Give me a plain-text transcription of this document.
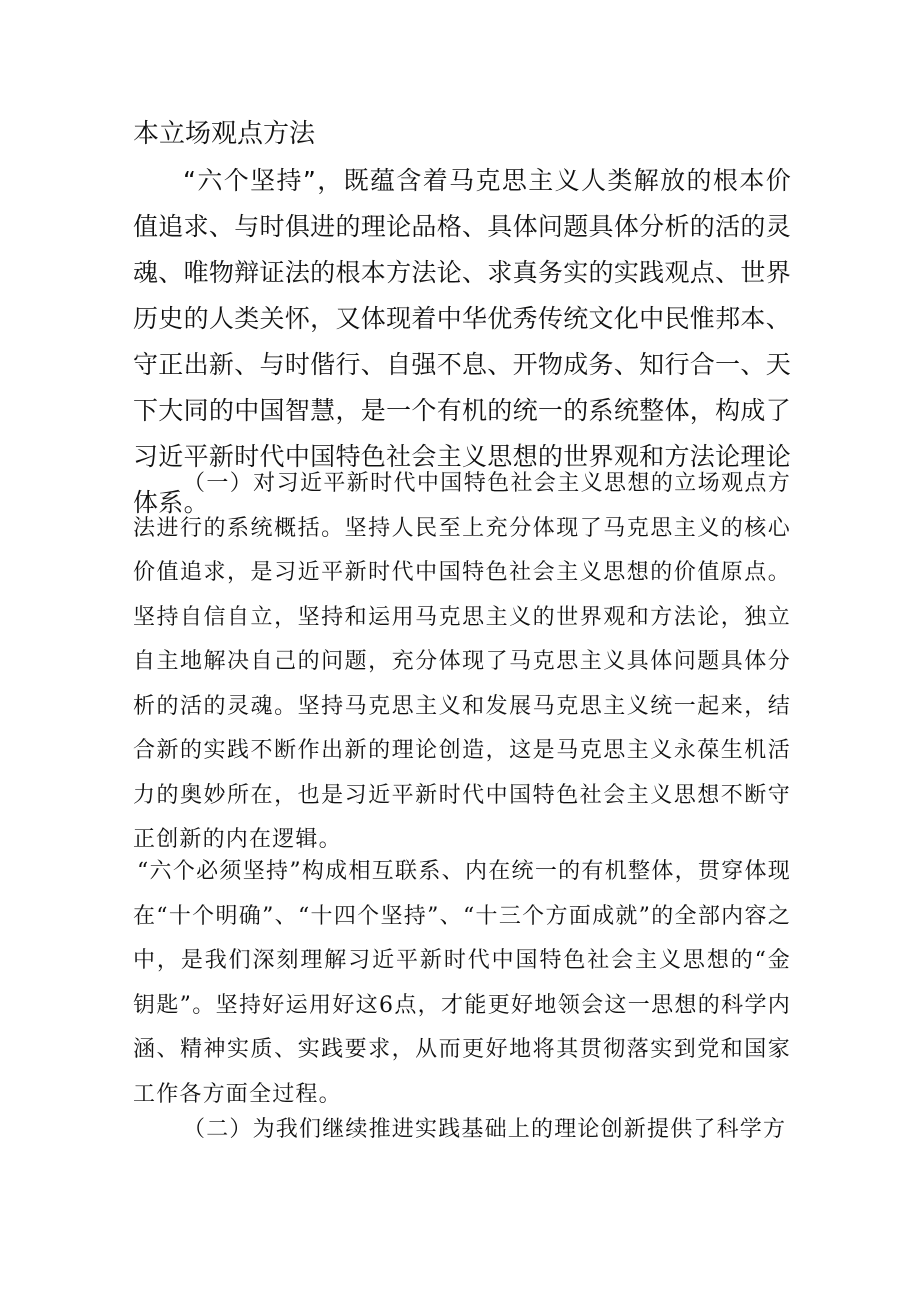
本立场观点方法

“六个坚持”，既蕴含着马克思主义人类解放的根本价值追求、与时俱进的理论品格、具体问题具体分析的活的灵魂、唯物辩证法的根本方法论、求真务实的实践观点、世界历史的人类关怀，又体现着中华优秀传统文化中民惟邦本、守正出新、与时偕行、自强不息、开物成务、知行合一、天下大同的中国智慧，是一个有机的统一的系统整体，构成了习近平新时代中国特色社会主义思想的世界观和方法论理论体系。

（一）对习近平新时代中国特色社会主义思想的立场观点方法进行的系统概括。坚持人民至上充分体现了马克思主义的核心价值追求，是习近平新时代中国特色社会主义思想的价值原点。坚持自信自立，坚持和运用马克思主义的世界观和方法论，独立自主地解决自己的问题，充分体现了马克思主义具体问题具体分析的活的灵魂。坚持马克思主义和发展马克思主义统一起来，结合新的实践不断作出新的理论创造，这是马克思主义永葆生机活力的奥妙所在，也是习近平新时代中国特色社会主义思想不断守正创新的内在逻辑。

“六个必须坚持”构成相互联系、内在统一的有机整体，贯穿体现在“十个明确”、“十四个坚持”、“十三个方面成就”的全部内容之中，是我们深刻理解习近平新时代中国特色社会主义思想的“金钥匙”。坚持好运用好这6点，才能更好地领会这一思想的科学内涵、精神实质、实践要求，从而更好地将其贯彻落实到党和国家工作各方面全过程。

（二）为我们继续推进实践基础上的理论创新提供了科学方
